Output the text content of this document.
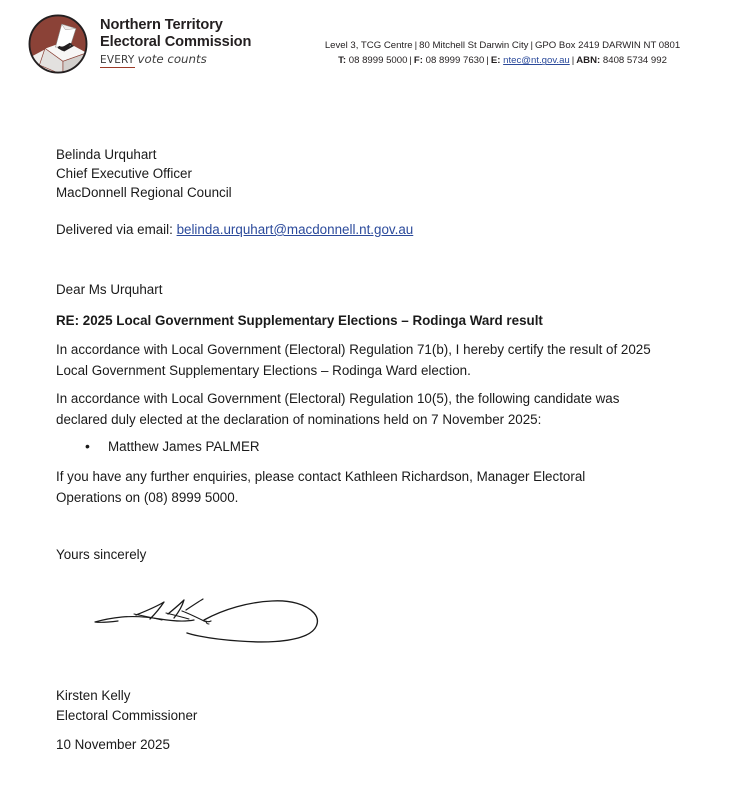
Northern Territory
Electoral Commission
EVERY vote counts
Level 3, TCG Centre | 80 Mitchell St Darwin City | GPO Box 2419 DARWIN NT 0801
T: 08 8999 5000 | F: 08 8999 7630 | E: ntec@nt.gov.au | ABN: 8408 5734 992
Belinda Urquhart
Chief Executive Officer
MacDonnell Regional Council
Delivered via email: belinda.urquhart@macdonnell.nt.gov.au
Dear Ms Urquhart
RE: 2025 Local Government Supplementary Elections – Rodinga Ward result
In accordance with Local Government (Electoral) Regulation 71(b), I hereby certify the result of 2025 Local Government Supplementary Elections – Rodinga Ward election.
In accordance with Local Government (Electoral) Regulation 10(5), the following candidate was declared duly elected at the declaration of nominations held on 7 November 2025:
• Matthew James PALMER
If you have any further enquiries, please contact Kathleen Richardson, Manager Electoral Operations on (08) 8999 5000.
Yours sincerely
Kirsten Kelly
Electoral Commissioner
10 November 2025
